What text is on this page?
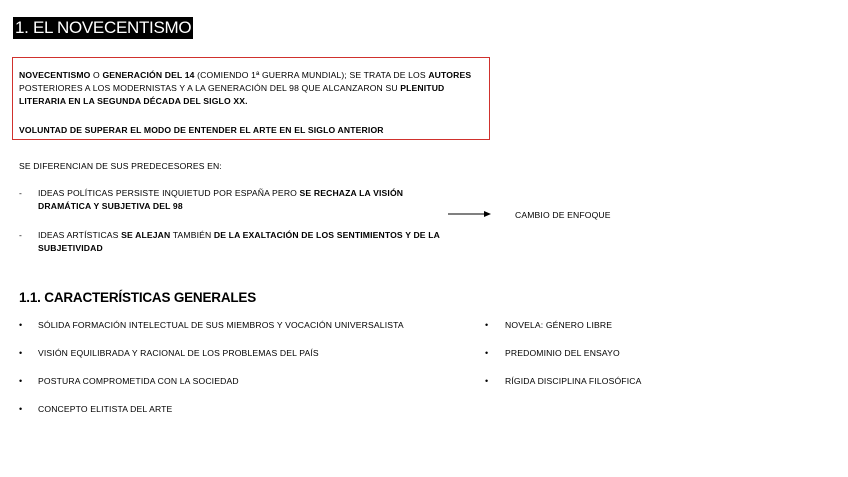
1. EL NOVECENTISMO
NOVECENTISMO O GENERACIÓN DEL 14 (COMIENDO 1ª GUERRA MUNDIAL); SE TRATA DE LOS AUTORES POSTERIORES A LOS MODERNISTAS Y A LA GENERACIÓN DEL 98 QUE ALCANZARON SU PLENITUD LITERARIA EN LA SEGUNDA DÉCADA DEL SIGLO XX.
VOLUNTAD DE SUPERAR EL MODO DE ENTENDER EL ARTE EN EL SIGLO ANTERIOR
SE DIFERENCIAN DE SUS PREDECESORES EN:
- IDEAS POLÍTICAS PERSISTE INQUIETUD POR ESPAÑA PERO SE RECHAZA LA VISIÓN DRAMÁTICA Y SUBJETIVA DEL 98
- IDEAS ARTÍSTICAS SE ALEJAN TAMBIÉN DE LA EXALTACIÓN DE LOS SENTIMIENTOS Y DE LA SUBJETIVIDAD
CAMBIO DE ENFOQUE
1.1. CARACTERÍSTICAS GENERALES
• SÓLIDA FORMACIÓN INTELECTUAL DE SUS MIEMBROS Y VOCACIÓN UNIVERSALISTA
• VISIÓN EQUILIBRADA Y RACIONAL DE LOS PROBLEMAS DEL PAÍS
• POSTURA COMPROMETIDA CON LA SOCIEDAD
• CONCEPTO ELITISTA DEL ARTE
• NOVELA: GÉNERO LIBRE
• PREDOMINIO DEL ENSAYO
• RÍGIDA DISCIPLINA FILOSÓFICA
